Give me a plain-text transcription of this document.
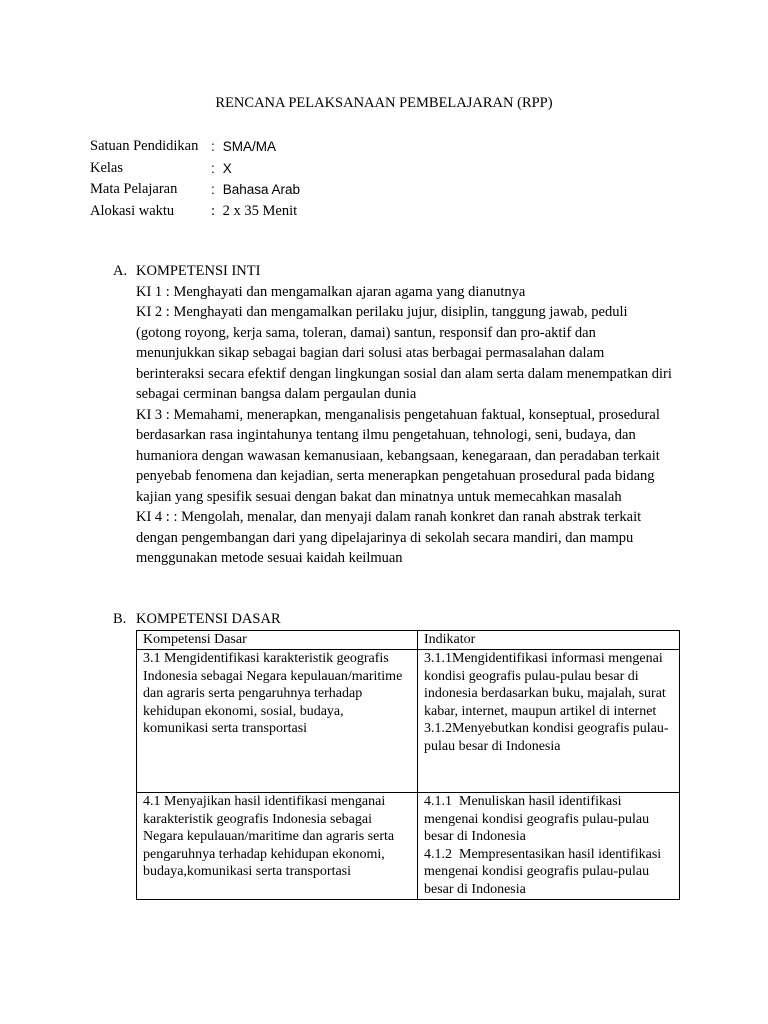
RENCANA PELAKSANAAN PEMBELAJARAN (RPP)
Satuan Pendidikan : SMA/MA
Kelas	: X
Mata Pelajaran	: Bahasa Arab
Alokasi waktu	: 2 x 35 Menit
A. KOMPETENSI INTI
KI 1 : Menghayati dan mengamalkan ajaran agama yang dianutnya
KI 2 : Menghayati dan mengamalkan perilaku jujur, disiplin, tanggung jawab, peduli (gotong royong, kerja sama, toleran, damai) santun, responsif dan pro-aktif dan menunjukkan sikap sebagai bagian dari solusi atas berbagai permasalahan dalam berinteraksi secara efektif dengan lingkungan sosial dan alam serta dalam menempatkan diri sebagai cerminan bangsa dalam pergaulan dunia
KI 3 : Memahami, menerapkan, menganalisis pengetahuan faktual, konseptual, prosedural berdasarkan rasa ingintahunya tentang ilmu pengetahuan, tehnologi, seni, budaya, dan humaniora dengan wawasan kemanusiaan, kebangsaan, kenegaraan, dan peradaban terkait penyebab fenomena dan kejadian, serta menerapkan pengetahuan prosedural pada bidang kajian yang spesifik sesuai dengan bakat dan minatnya untuk memecahkan masalah
KI 4 : : Mengolah, menalar, dan menyaji dalam ranah konkret dan ranah abstrak terkait dengan pengembangan dari yang dipelajarinya di sekolah secara mandiri, dan mampu menggunakan metode sesuai kaidah keilmuan
B. KOMPETENSI DASAR
Kompetensi Dasar	Indikator
3.1 Mengidentifikasi karakteristik geografis Indonesia sebagai Negara kepulauan/maritime dan agraris serta pengaruhnya terhadap kehidupan ekonomi, sosial, budaya, komunikasi serta transportasi	3.1.1Mengidentifikasi informasi mengenai kondisi geografis pulau-pulau besar di indonesia berdasarkan buku, majalah, surat kabar, internet, maupun artikel di internet
3.1.2Menyebutkan kondisi geografis pulau-pulau besar di Indonesia

4.1 Menyajikan hasil identifikasi menganai karakteristik geografis Indonesia sebagai Negara kepulauan/maritime dan agraris serta pengaruhnya terhadap kehidupan ekonomi, budaya,komunikasi serta transportasi	4.1.1  Menuliskan hasil identifikasi mengenai kondisi geografis pulau-pulau besar di Indonesia
4.1.2  Mempresentasikan hasil identifikasi mengenai kondisi geografis pulau-pulau besar di Indonesia
